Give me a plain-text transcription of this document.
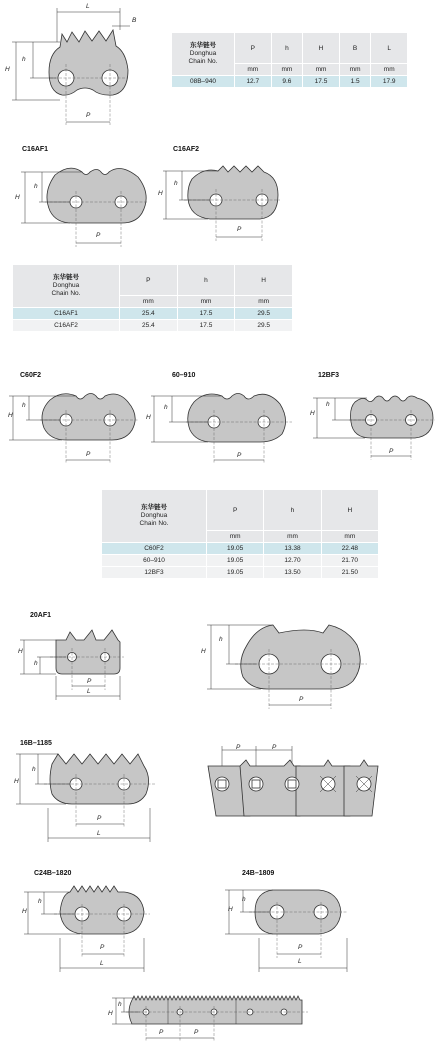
L
B
H
h
P
东华链号
Donghua
Chain No.	P	h	H	B	L
	mm	mm	mm	mm	mm
08B–940	12.7	9.6	17.5	1.5	17.9
C16AF1
H
h
P
C16AF2
H
h
P
东华链号
Donghua
Chain No.	P	h	H
	mm	mm	mm
C16AF1	25.4	17.5	29.5
C16AF2	25.4	17.5	29.5
C60F2
H
h
P
60–910
H
h
P
12BF3
H
h
P
东华链号
Donghua
Chain No.	P	h	H
	mm	mm	mm
C60F2	19.05	13.38	22.48
60–910	19.05	12.70	21.70
12BF3	19.05	13.50	21.50
20AF1
H
h
P
L
H
h
P
16B–1185
H
h
P
L
P	P
C24B–1820
H
h
P
L
24B–1809
H
h
P
L
H
h
P	P
